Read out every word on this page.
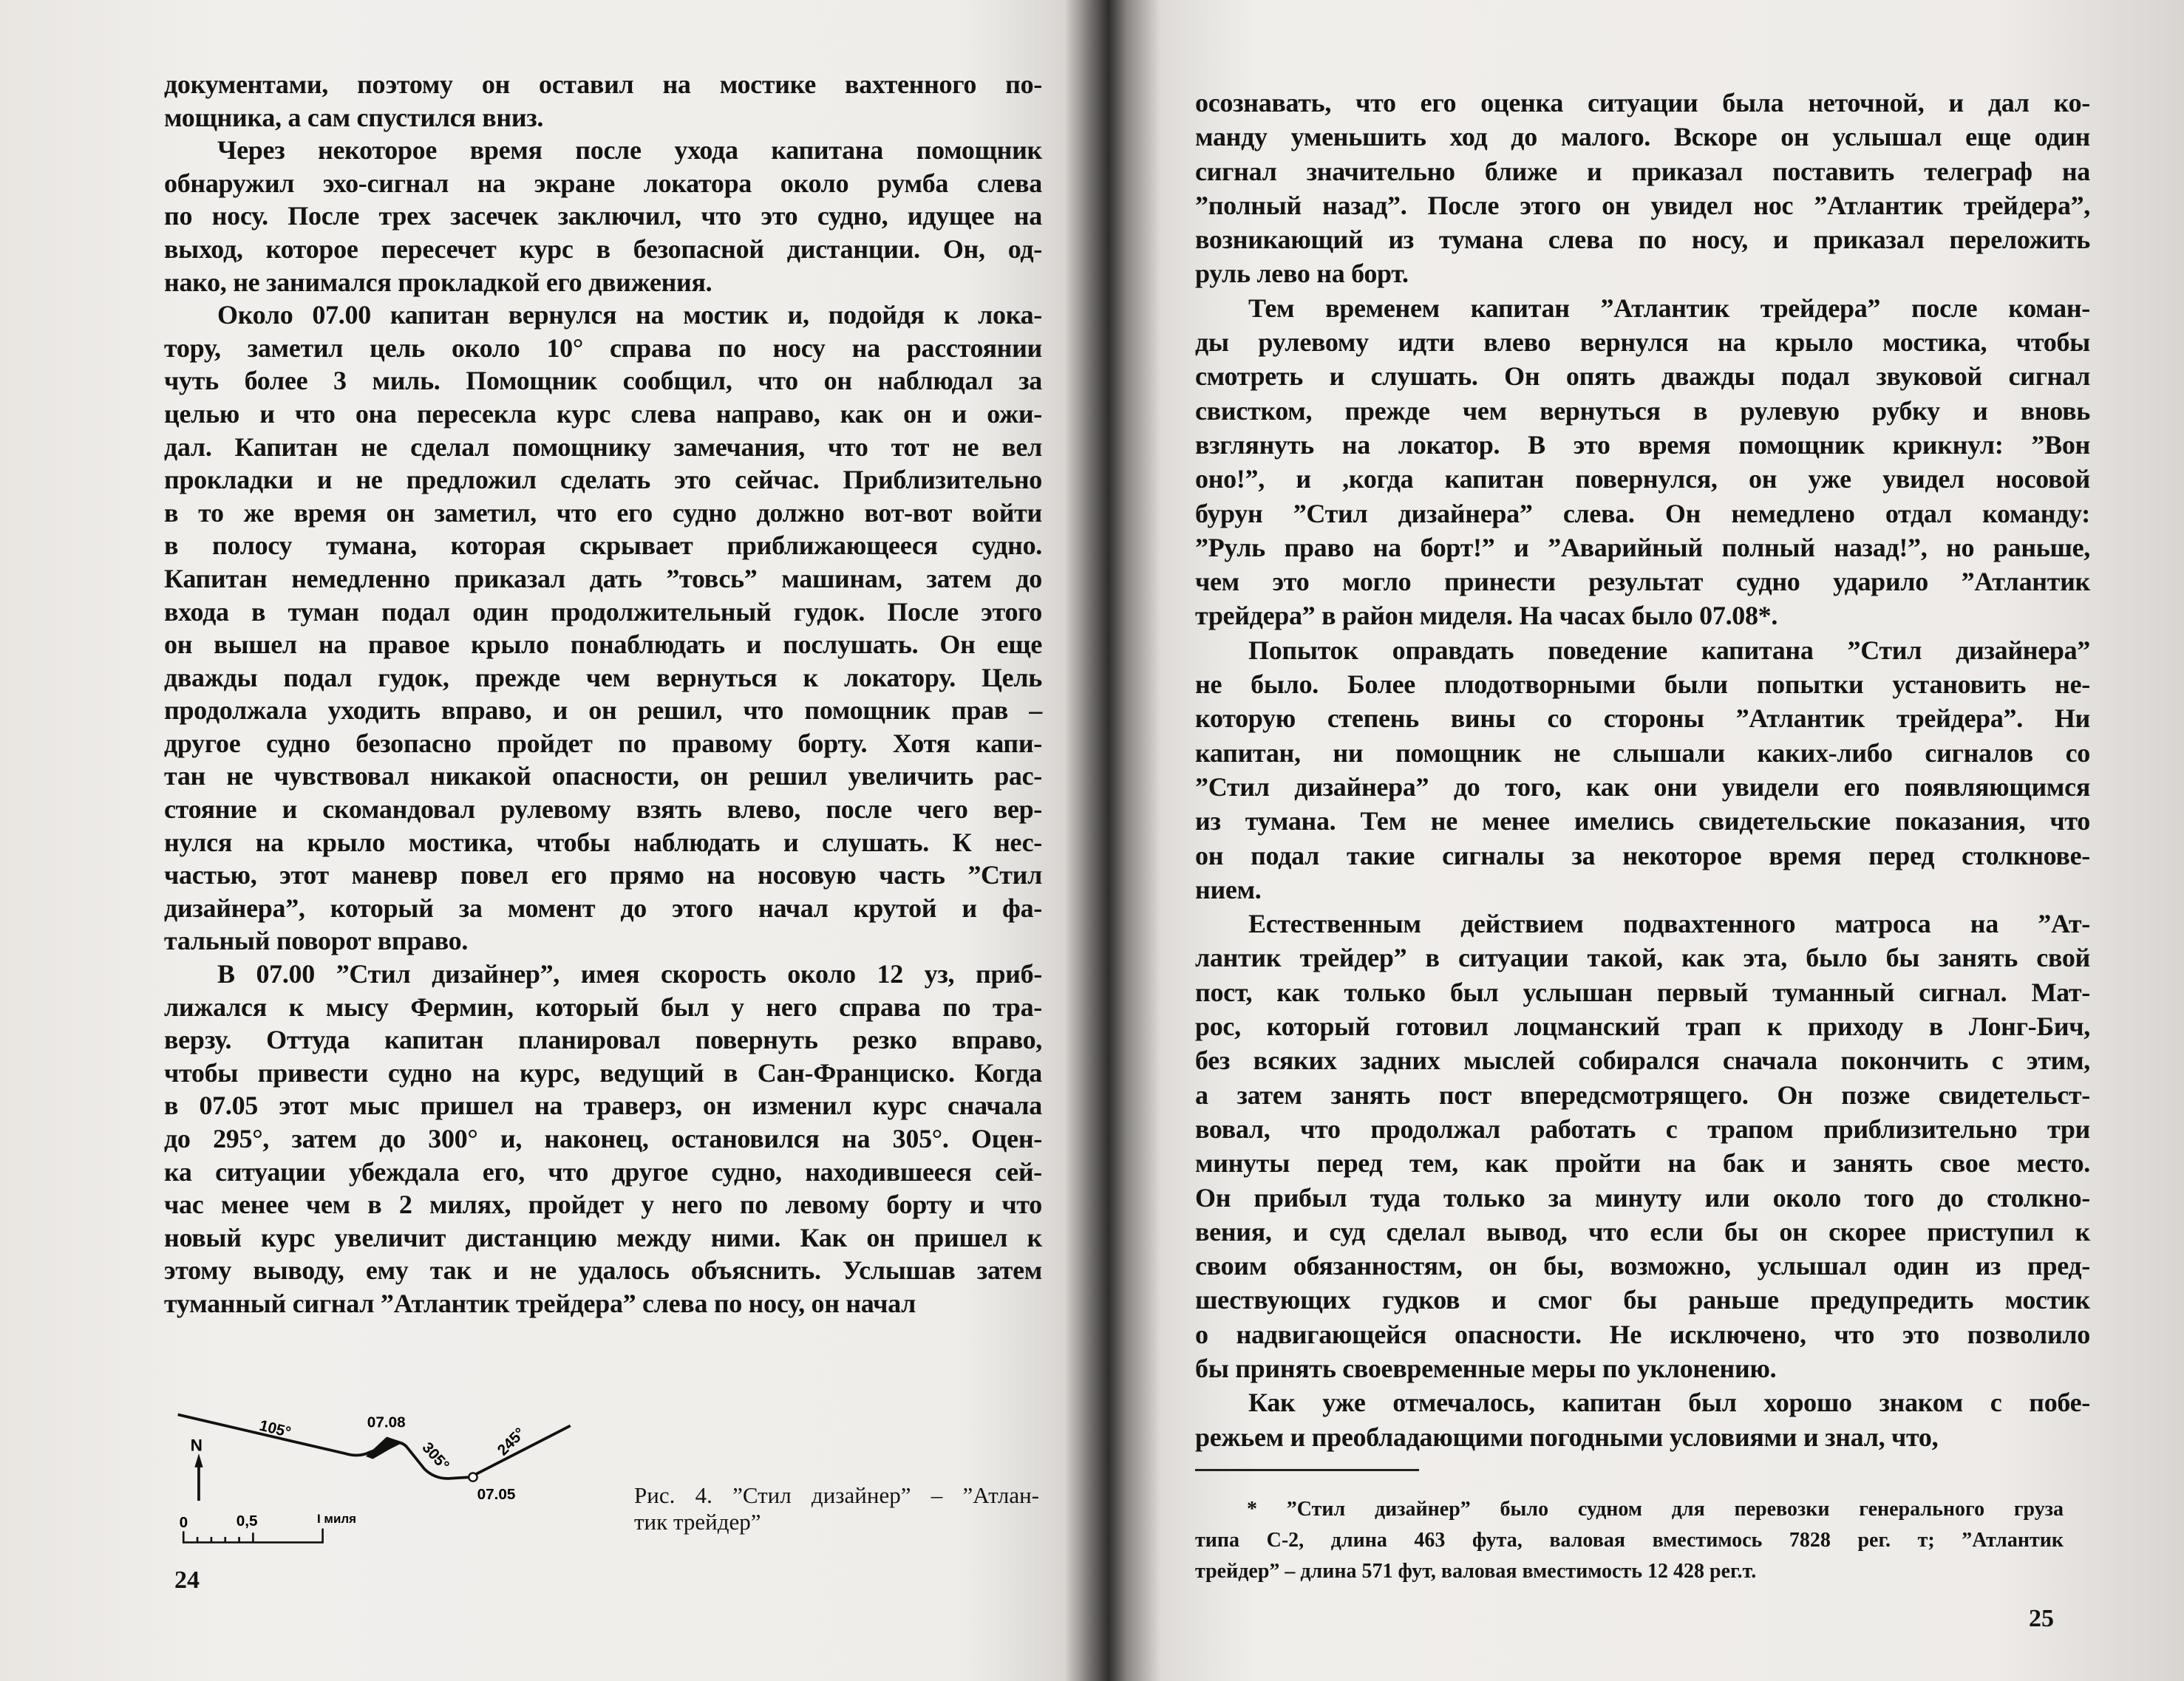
документами, поэтому он оставил на мостике вахтенного по-
мощника, а сам спустился вниз.
Через некоторое время после ухода капитана помощник
обнаружил эхо-сигнал на экране локатора около румба слева
по носу. После трех засечек заключил, что это судно, идущее на
выход, которое пересечет курс в безопасной дистанции. Он, од-
нако, не занимался прокладкой его движения.
Около 07.00 капитан вернулся на мостик и, подойдя к лока-
тору, заметил цель около 10° справа по носу на расстоянии
чуть более 3 миль. Помощник сообщил, что он наблюдал за
целью и что она пересекла курс слева направо, как он и ожи-
дал. Капитан не сделал помощнику замечания, что тот не вел
прокладки и не предложил сделать это сейчас. Приблизительно
в то же время он заметил, что его судно должно вот-вот войти
в полосу тумана, которая скрывает приближающееся судно.
Капитан немедленно приказал дать ”товсь” машинам, затем до
входа в туман подал один продолжительный гудок. После этого
он вышел на правое крыло понаблюдать и послушать. Он еще
дважды подал гудок, прежде чем вернуться к локатору. Цель
продолжала уходить вправо, и он решил, что помощник прав –
другое судно безопасно пройдет по правому борту. Хотя капи-
тан не чувствовал никакой опасности, он решил увеличить рас-
стояние и скомандовал рулевому взять влево, после чего вер-
нулся на крыло мостика, чтобы наблюдать и слушать. К нес-
частью, этот маневр повел его прямо на носовую часть ”Стил
дизайнера”, который за момент до этого начал крутой и фа-
тальный поворот вправо.
В 07.00 ”Стил дизайнер”, имея скорость около 12 уз, приб-
лижался к мысу Фермин, который был у него справа по тра-
верзу. Оттуда капитан планировал повернуть резко вправо,
чтобы привести судно на курс, ведущий в Сан-Франциско. Когда
в 07.05 этот мыс пришел на траверз, он изменил курс сначала
до 295°, затем до 300° и, наконец, остановился на 305°. Оцен-
ка ситуации убеждала его, что другое судно, находившееся сей-
час менее чем в 2 милях, пройдет у него по левому борту и что
новый курс увеличит дистанцию между ними. Как он пришел к
этому выводу, ему так и не удалось объяснить. Услышав затем
туманный сигнал ”Атлантик трейдера” слева по носу, он начал
осознавать, что его оценка ситуации была неточной, и дал ко-
манду уменьшить ход до малого. Вскоре он услышал еще один
сигнал значительно ближе и приказал поставить телеграф на
”полный назад”. После этого он увидел нос ”Атлантик трейдера”,
возникающий из тумана слева по носу, и приказал переложить
руль лево на борт.
Тем временем капитан ”Атлантик трейдера” после коман-
ды рулевому идти влево вернулся на крыло мостика, чтобы
смотреть и слушать. Он опять дважды подал звуковой сигнал
свистком, прежде чем вернуться в рулевую рубку и вновь
взглянуть на локатор. В это время помощник крикнул: ”Вон
оно!”, и ,когда капитан повернулся, он уже увидел носовой
бурун ”Стил дизайнера” слева. Он немедлено отдал команду:
”Руль право на борт!” и ”Аварийный полный назад!”, но раньше,
чем это могло принести результат судно ударило ”Атлантик
трейдера” в район миделя. На часах было 07.08*.
Попыток оправдать поведение капитана ”Стил дизайнера”
не было. Более плодотворными были попытки установить не-
которую степень вины со стороны ”Атлантик трейдера”. Ни
капитан, ни помощник не слышали каких-либо сигналов со
”Стил дизайнера” до того, как они увидели его появляющимся
из тумана. Тем не менее имелись свидетельские показания, что
он подал такие сигналы за некоторое время перед столкнове-
нием.
Естественным действием подвахтенного матроса на ”Ат-
лантик трейдер” в ситуации такой, как эта, было бы занять свой
пост, как только был услышан первый туманный сигнал. Мат-
рос, который готовил лоцманский трап к приходу в Лонг-Бич,
без всяких задних мыслей собирался сначала покончить с этим,
а затем занять пост впередсмотрящего. Он позже свидетельст-
вовал, что продолжал работать с трапом приблизительно три
минуты перед тем, как пройти на бак и занять свое место.
Он прибыл туда только за минуту или около того до столкно-
вения, и суд сделал вывод, что если бы он скорее приступил к
своим обязанностям, он бы, возможно, услышал один из пред-
шествующих гудков и смог бы раньше предупредить мостик
о надвигающейся опасности. Не исключено, что это позволило
бы принять своевременные меры по уклонению.
Как уже отмечалось, капитан был хорошо знаком с побе-
режьем и преобладающими погодными условиями и знал, что,
N
105°	07.08
305°	245°
07.05
0	0,5	I миля
Рис. 4. ”Стил дизайнер” – ”Атлан-
тик трейдер”
24
25
* ”Стил дизайнер” было судном для перевозки генерального груза
типа С-2, длина 463 фута, валовая вместимось 7828 рег. т; ”Атлантик
трейдер” – длина 571 фут, валовая вместимость 12 428 рег.т.
